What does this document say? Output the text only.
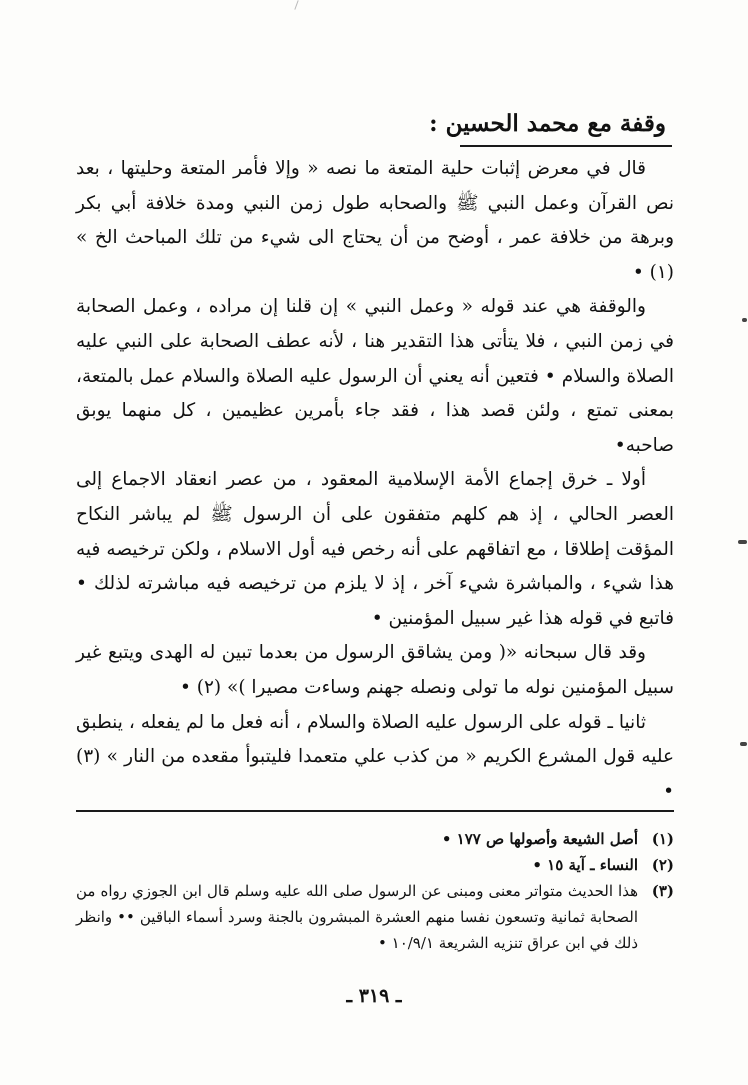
وقفة مع محمد الحسين :

قال في معرض إثبات حلية المتعة ما نصه « وإلا فأمر المتعة وحليتها ، بعد نص القرآن وعمل النبي ﷺ والصحابه طول زمن النبي ومدة خلافة أبي بكر وبرهة من خلافة عمر ، أوضح من أن يحتاج الى شيء من تلك المباحث الخ » (١) •

والوقفة هي عند قوله « وعمل النبي » إن قلنا إن مراده ، وعمل الصحابة في زمن النبي ، فلا يتأتى هذا التقدير هنا ، لأنه عطف الصحابة على النبي عليه الصلاة والسلام • فتعين أنه يعني أن الرسول عليه الصلاة والسلام عمل بالمتعة، بمعنى تمتع ، ولئن قصد هذا ، فقد جاء بأمرين عظيمين ، كل منهما يوبق صاحبه•

أولا ـ خرق إجماع الأمة الإسلامية المعقود ، من عصر انعقاد الاجماع إلى العصر الحالي ، إذ هم كلهم متفقون على أن الرسول ﷺ لم يباشر النكاح المؤقت إطلاقا ، مع اتفاقهم على أنه رخص فيه أول الاسلام ، ولكن ترخيصه فيه هذا شيء ، والمباشرة شيء آخر ، إذ لا يلزم من ترخيصه فيه مباشرته لذلك • فاتبع في قوله هذا غير سبيل المؤمنين •

وقد قال سبحانه «( ومن يشاقق الرسول من بعدما تبين له الهدى ويتبع غير سبيل المؤمنين نوله ما تولى ونصله جهنم وساءت مصيرا )» (٢) •

ثانيا ـ قوله على الرسول عليه الصلاة والسلام ، أنه فعل ما لم يفعله ، ينطبق عليه قول المشرع الكريم « من كذب علي متعمدا فليتبوأ مقعده من النار » (٣) •

(١)
أصل الشيعة وأصولها ص ١٧٧ •
(٢)
النساء ـ آية ١٥ •
(٣)
هذا الحديث متواتر معنى ومبنى عن الرسول صلى الله عليه وسلم قال ابن الجوزي رواه من الصحابة ثمانية وتسعون نفسا منهم العشرة المبشرون بالجنة وسرد أسماء الباقين •• وانظر ذلك في ابن عراق تنزيه الشريعة ١٠/٩/١ •
ـ ٣١٩ ـ
